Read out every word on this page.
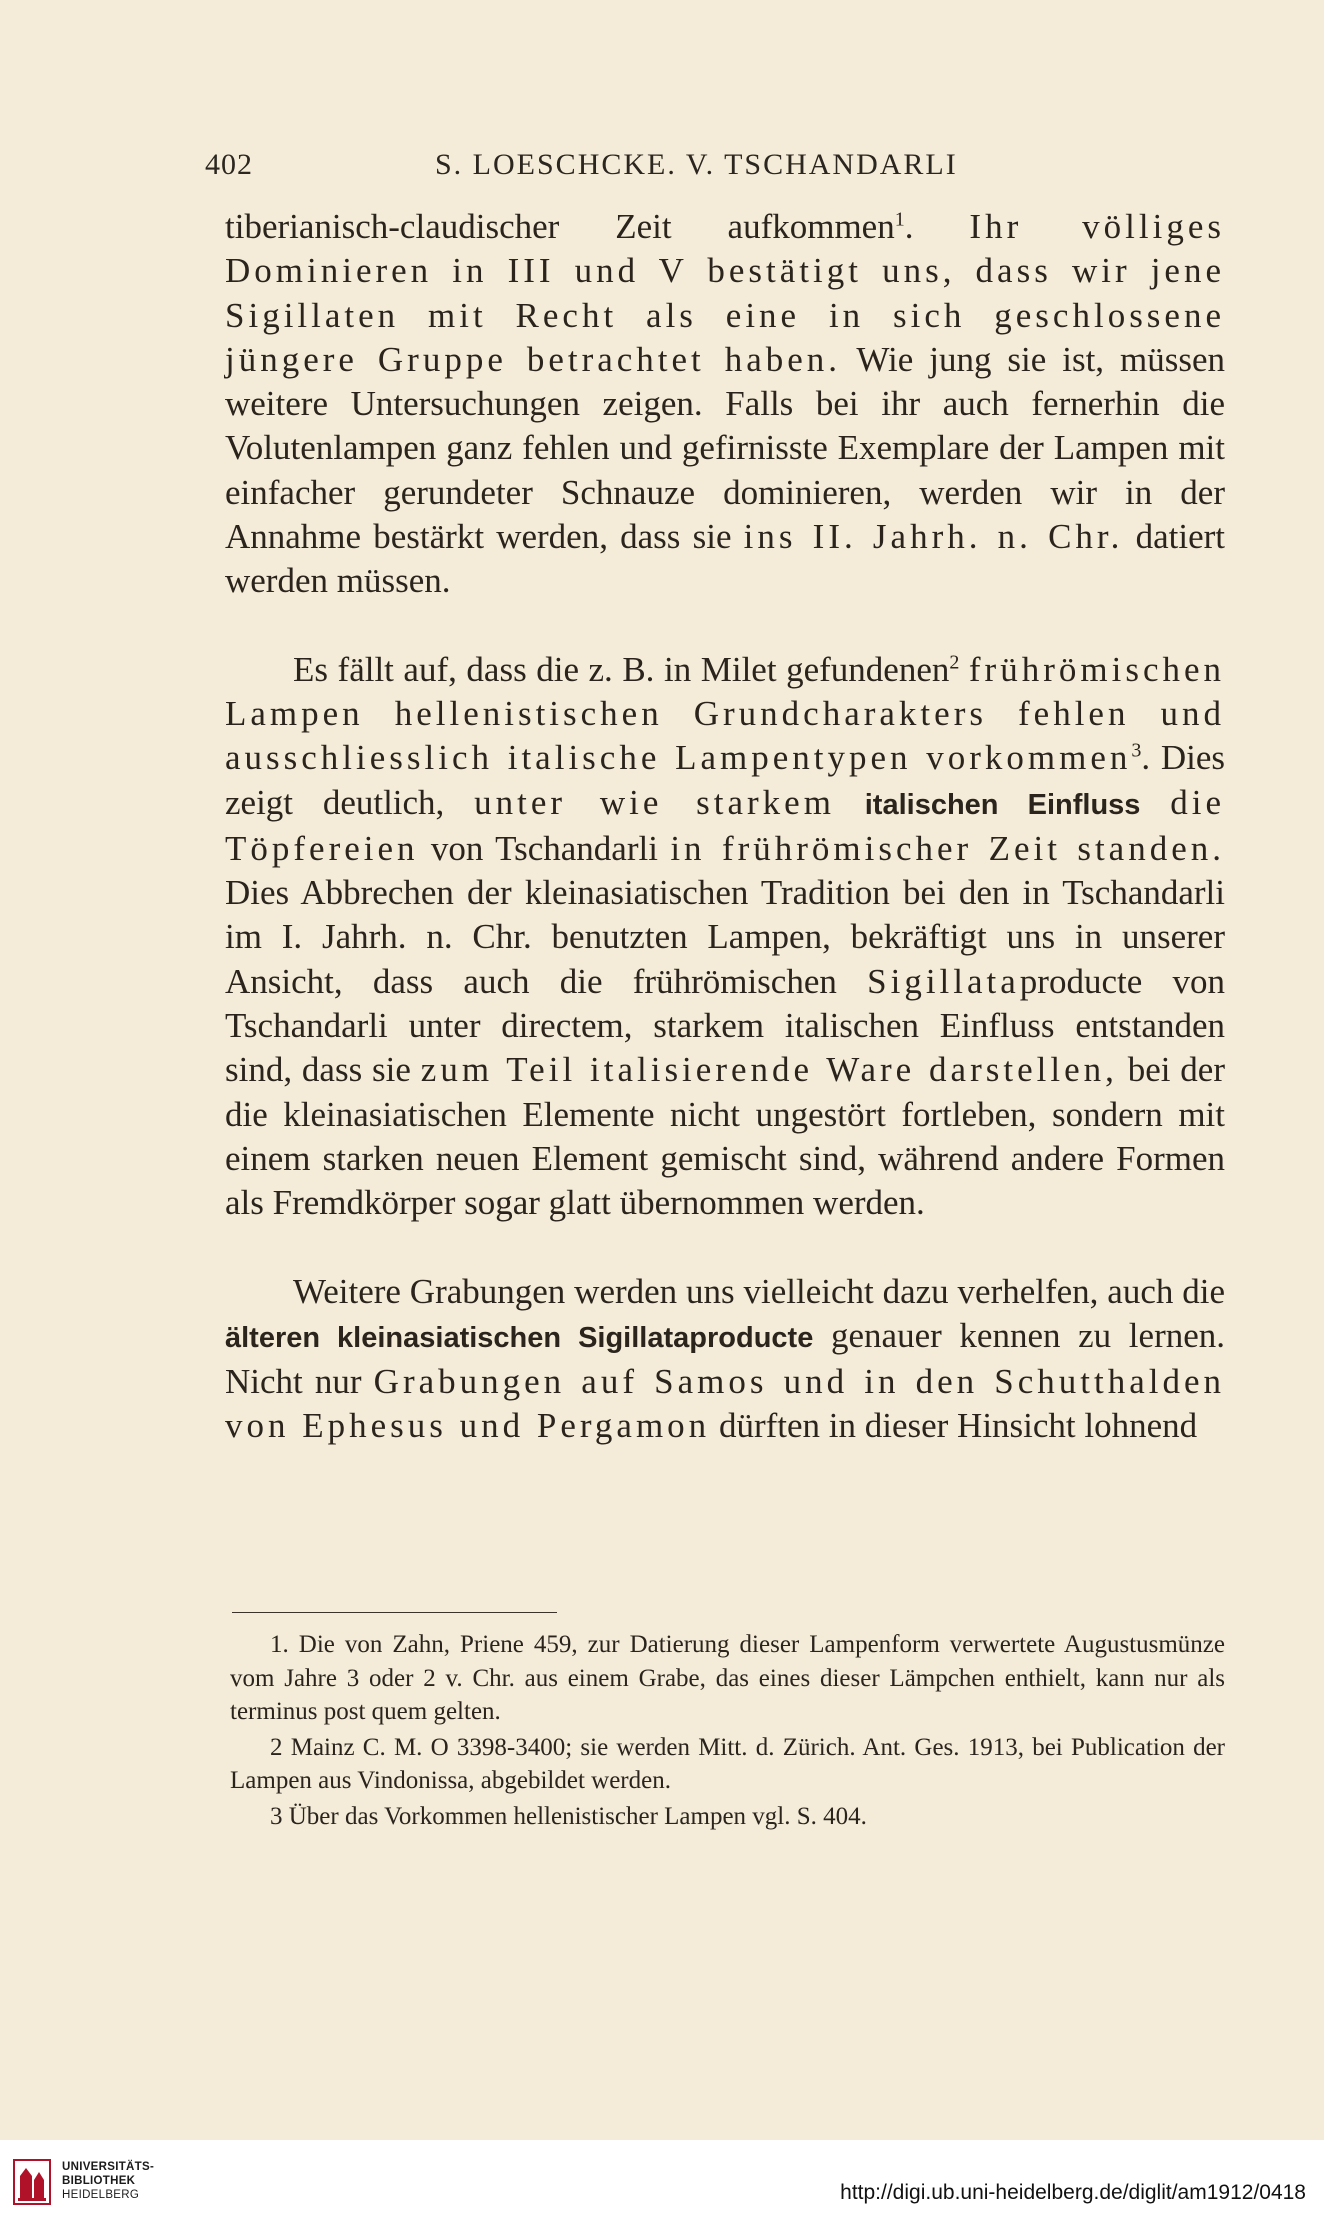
402	S. LOESCHCKE. V. TSCHANDARLI

tiberianisch-claudischer Zeit aufkommen$^1$. Ihr völliges Dominieren in III und V bestätigt uns, dass wir jene Sigillaten mit Recht als eine in sich geschlossene jüngere Gruppe betrachtet haben. Wie jung sie ist, müssen weitere Untersuchungen zeigen. Falls bei ihr auch fernerhin die Volutenlampen ganz fehlen und gefirnisste Exemplare der Lampen mit einfacher gerundeter Schnauze dominieren, werden wir in der Annahme bestärkt werden, dass sie ins II. Jahrh. n. Chr. datiert werden müssen.

Es fällt auf, dass die z. B. in Milet gefundenen$^2$ frührömischen Lampen hellenistischen Grundcharakters fehlen und ausschliesslich italische Lampentypen vorkommen$^3$. Dies zeigt deutlich, unter wie starkem italischen Einfluss die Töpfereien von Tschandarli in frührömischer Zeit standen. Dies Abbrechen der kleinasiatischen Tradition bei den in Tschandarli im I. Jahrh. n. Chr. benutzten Lampen, bekräftigt uns in unserer Ansicht, dass auch die frührömischen Sigillataproducte von Tschandarli unter directem, starkem italischen Einfluss entstanden sind, dass sie zum Teil italisierende Ware darstellen, bei der die kleinasiatischen Elemente nicht ungestört fortleben, sondern mit einem starken neuen Element gemischt sind, während andere Formen als Fremdkörper sogar glatt übernommen werden.

Weitere Grabungen werden uns vielleicht dazu verhelfen, auch die älteren kleinasiatischen Sigillataproducte genauer kennen zu lernen. Nicht nur Grabungen auf Samos und in den Schutthalden von Ephesus und Pergamon dürften in dieser Hinsicht lohnend

1. Die von Zahn, Priene 459, zur Datierung dieser Lampenform verwertete Augustusmünze vom Jahre 3 oder 2 v. Chr. aus einem Grabe, das eines dieser Lämpchen enthielt, kann nur als terminus post quem gelten.

2 Mainz C. M. O 3398-3400; sie werden Mitt. d. Zürich. Ant. Ges. 1913, bei Publication der Lampen aus Vindonissa, abgebildet werden.

3 Über das Vorkommen hellenistischer Lampen vgl. S. 404.

UNIVERSITÄTS-
BIBLIOTHEK
HEIDELBERG	http://digi.ub.uni-heidelberg.de/diglit/am1912/0418
